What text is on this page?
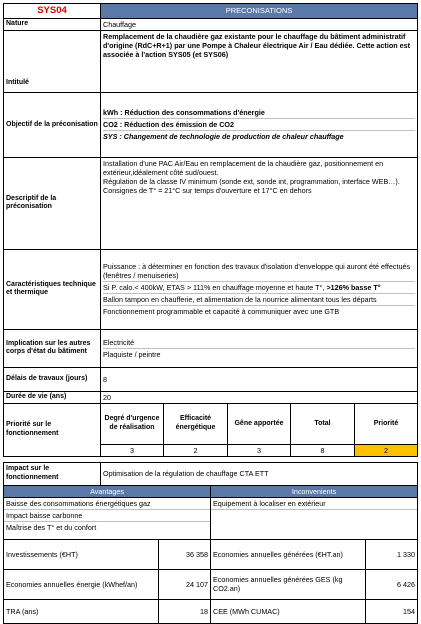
SYS04	PRECONISATIONS
Nature	Chauffage
Intitulé	Remplacement de la chaudière gaz existante pour le chauffage du bâtiment administratif d'origine (RdC+R+1) par une Pompe à Chaleur électrique Air / Eau dédiée. Cette action est associée à l'action SYS05 (et SYS06)
Objectif de la préconisation	kWh : Réduction des consommations d'énergie
CO2 : Réduction des émission de CO2
SYS : Changement de technologie de production de chaleur chauffage

Descriptif de la préconisation	Installation d'une PAC Air/Eau en remplacement de la chaudière gaz, positionnement en extérieur,idéalement côté sud/ouest.
Régulation de la classe IV minimum (sonde ext, sonde int, programmation, interface WEB…).
Consignes de T° = 21°C sur temps d'ouverture et 17°C en dehors

Caractéristiques technique et thermique	Puissance : à déterminer en fonction des travaux d'isolation d'enveloppe qui auront été effectués (fenêtres / menuiseries)
Si P. calo.< 400kW, ETAS > 111% en chauffage moyenne et haute T°, >126% basse T°
Ballon tampon en chaufferie, et alimentation de la nourrice alimentant tous les départs
Fonctionnement programmable et capacité à communiquer avec une GTB

Implication sur les autres corps d'état du bâtiment	Electricité
Plaquiste / peintre

Délais de travaux (jours)	8
Durée de vie (ans)	20
Priorité sur le fonctionnement	Degré d'urgence de réalisation	Efficacité énergétique	Gêne apportée	Total	Priorité
	3	2	3	8	2
Impact sur le fonctionnement	Optimisation de la régulation de chauffage CTA ETT
Avantages		Inconvenients	

Baisse des consommations énergétiques gaz
Impact baisse carbonne
Maîtrise des T° et du confort		Equipement à localiser en extérieur	

Investissements (€HT)	36 358	Economies annuelles générées (€HT.an)	1 330
Economies annuelles énergie (kWhef/an)	24 107	Economies annuelles générées GES (kg CO2.an)	6 426
TRA (ans)	18	CEE (MWh CUMAC)	154
